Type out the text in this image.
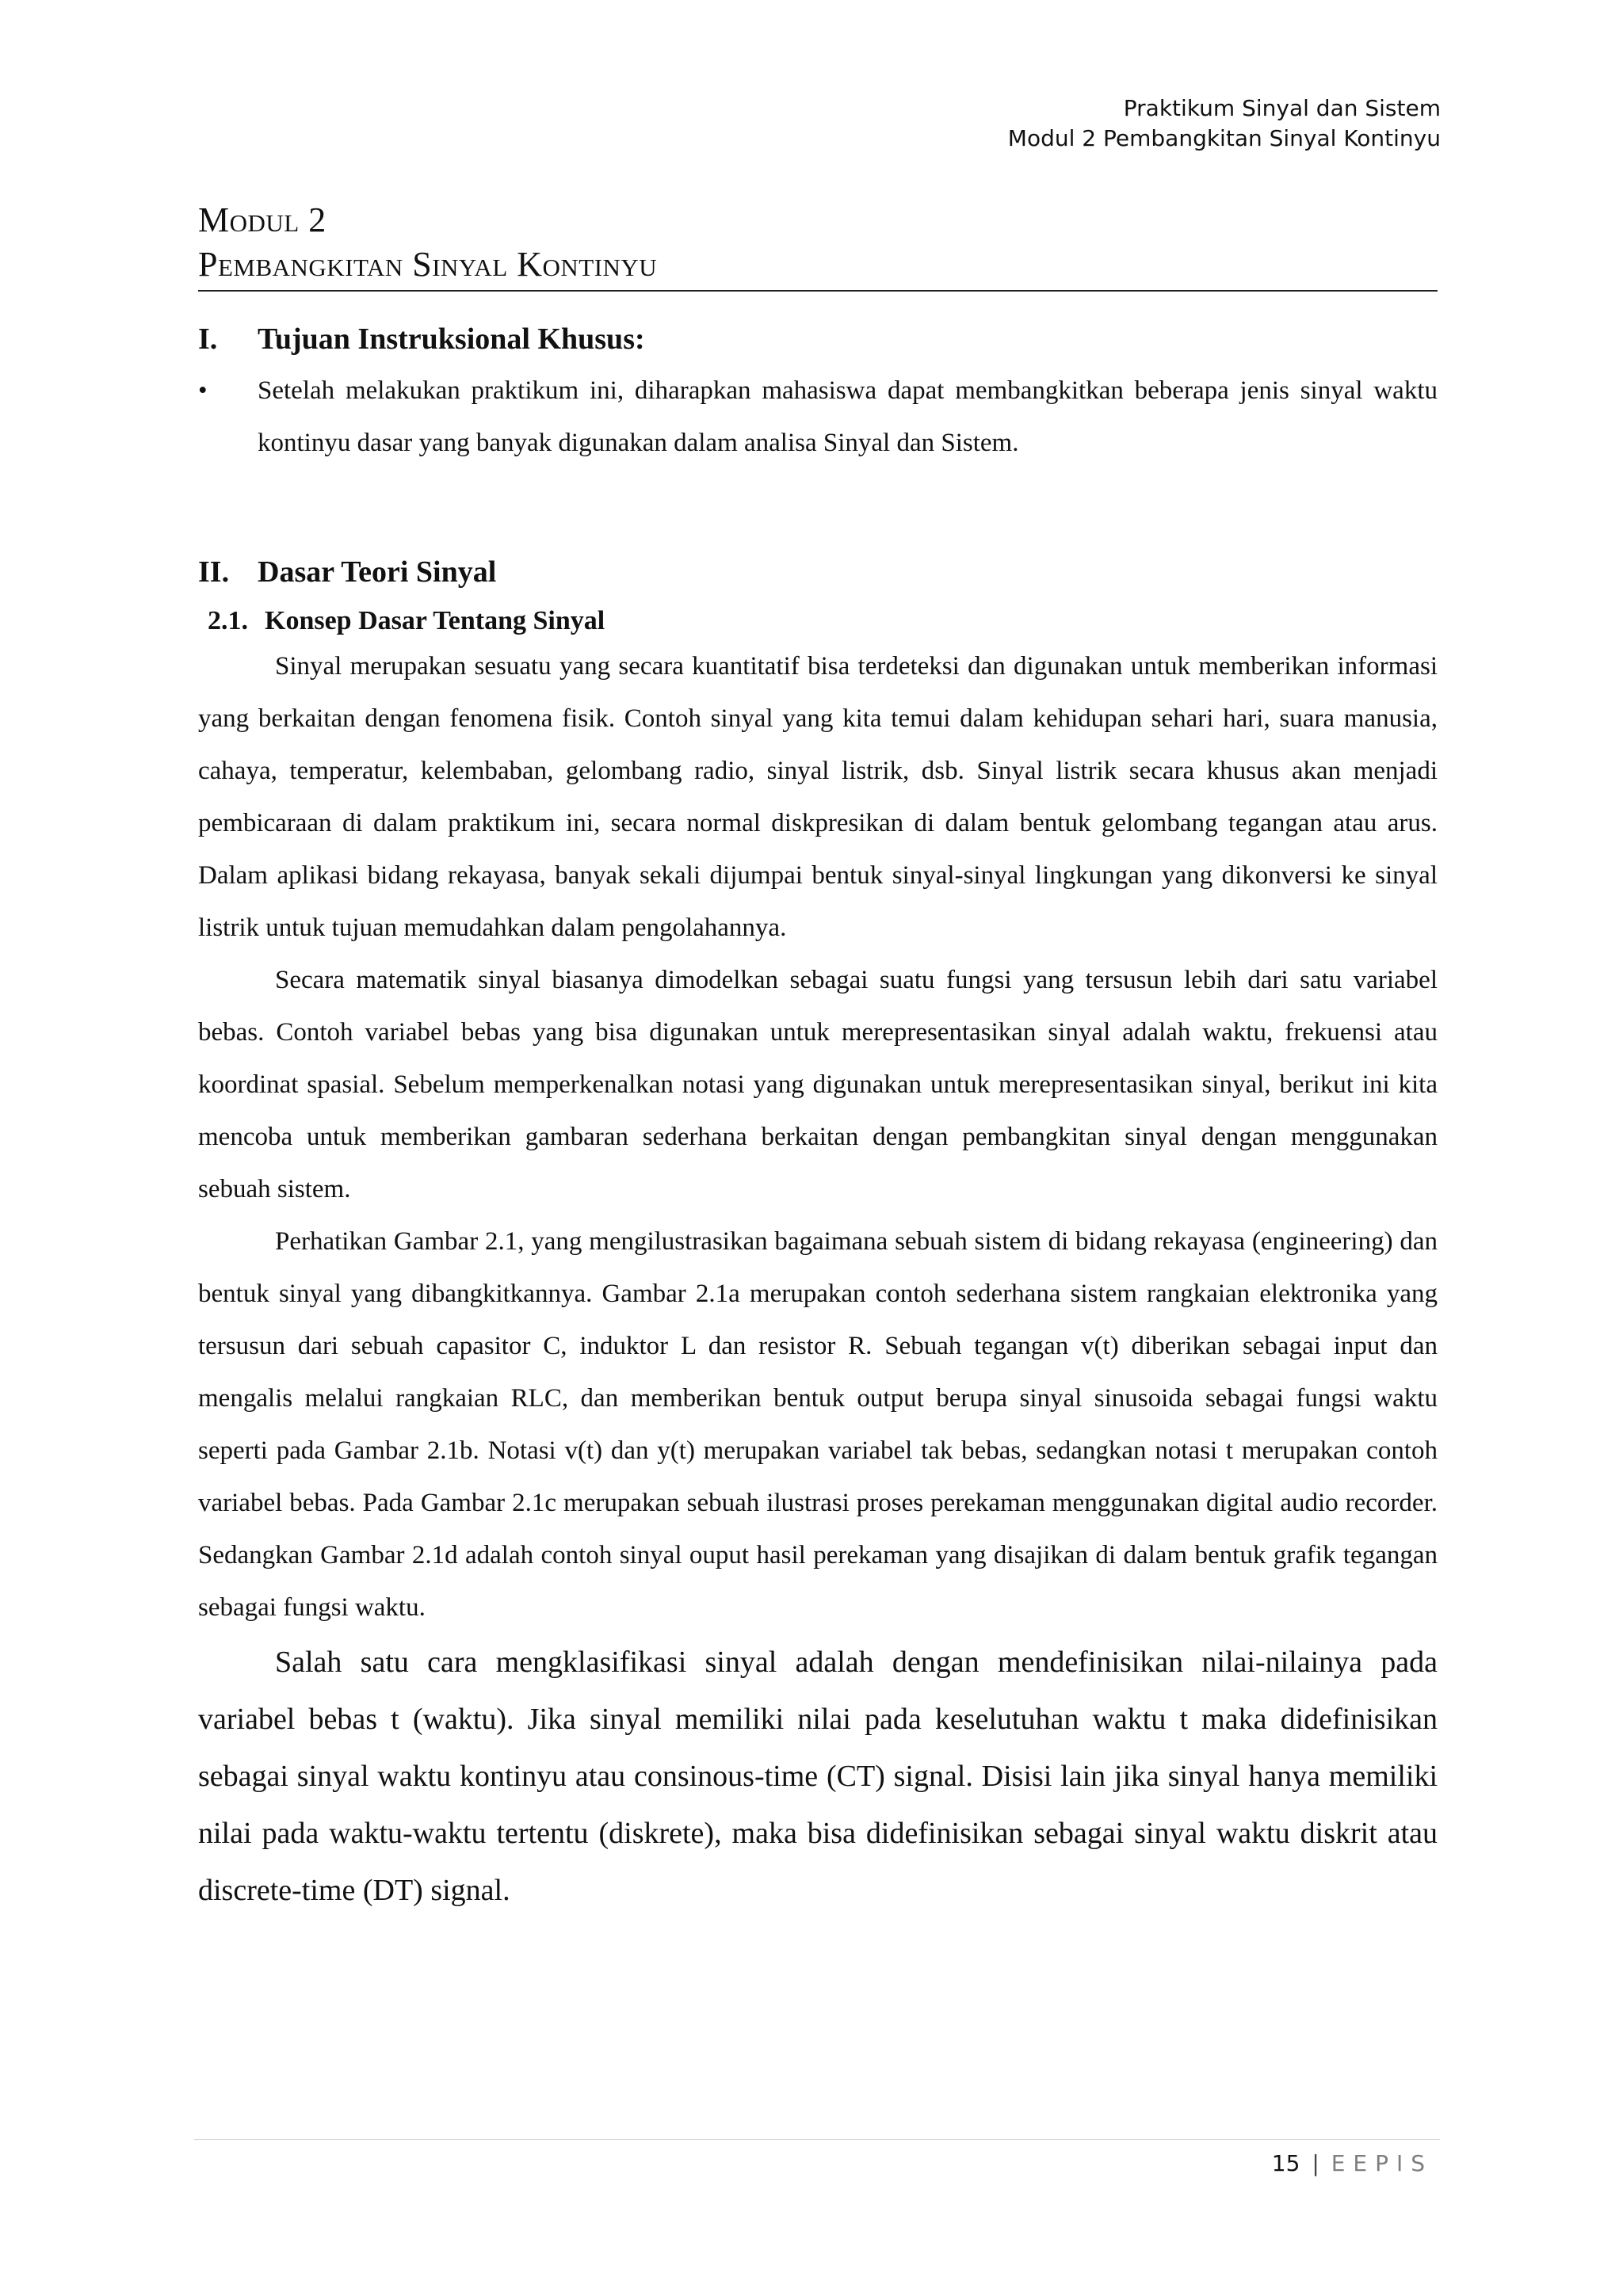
Praktikum Sinyal dan Sistem
Modul 2 Pembangkitan Sinyal Kontinyu
Modul 2
Pembangkitan Sinyal Kontinyu
I.	Tujuan Instruksional Khusus:
•	Setelah melakukan praktikum ini, diharapkan mahasiswa dapat membangkitkan beberapa jenis sinyal waktu kontinyu dasar yang banyak digunakan dalam analisa Sinyal dan Sistem.
II. Dasar Teori Sinyal
2.1. Konsep Dasar Tentang Sinyal

Sinyal merupakan sesuatu yang secara kuantitatif bisa terdeteksi dan digunakan untuk memberikan informasi yang berkaitan dengan fenomena fisik. Contoh sinyal yang kita temui dalam kehidupan sehari hari, suara manusia, cahaya, temperatur, kelembaban, gelombang radio, sinyal listrik, dsb. Sinyal listrik secara khusus akan menjadi pembicaraan di dalam praktikum ini, secara normal diskpresikan di dalam bentuk gelombang tegangan atau arus. Dalam aplikasi bidang rekayasa, banyak sekali dijumpai bentuk sinyal-sinyal lingkungan yang dikonversi ke sinyal listrik untuk tujuan memudahkan dalam pengolahannya.

Secara matematik sinyal biasanya dimodelkan sebagai suatu fungsi yang tersusun lebih dari satu variabel bebas. Contoh variabel bebas yang bisa digunakan untuk merepresentasikan sinyal adalah waktu, frekuensi atau koordinat spasial. Sebelum memperkenalkan notasi yang digunakan untuk merepresentasikan sinyal, berikut ini kita mencoba untuk memberikan gambaran sederhana berkaitan dengan pembangkitan sinyal dengan menggunakan sebuah sistem.

Perhatikan Gambar 2.1, yang mengilustrasikan bagaimana sebuah sistem di bidang rekayasa (engineering) dan bentuk sinyal yang dibangkitkannya. Gambar 2.1a merupakan contoh sederhana sistem rangkaian elektronika yang tersusun dari sebuah capasitor C, induktor L dan resistor R. Sebuah tegangan v(t) diberikan sebagai input dan mengalis melalui rangkaian RLC, dan memberikan bentuk output berupa sinyal sinusoida sebagai fungsi waktu seperti pada Gambar 2.1b. Notasi v(t) dan y(t) merupakan variabel tak bebas, sedangkan notasi t merupakan contoh variabel bebas. Pada Gambar 2.1c merupakan sebuah ilustrasi proses perekaman menggunakan digital audio recorder. Sedangkan Gambar 2.1d adalah contoh sinyal ouput hasil perekaman yang disajikan di dalam bentuk grafik tegangan sebagai fungsi waktu.

Salah satu cara mengklasifikasi sinyal adalah dengan mendefinisikan nilai-nilainya pada variabel bebas t (waktu). Jika sinyal memiliki nilai pada keselutuhan waktu t maka didefinisikan sebagai sinyal waktu kontinyu atau consinous-time (CT) signal. Disisi lain jika sinyal hanya memiliki nilai pada waktu-waktu tertentu (diskrete), maka bisa didefinisikan sebagai sinyal waktu diskrit atau discrete-time (DT) signal.

15 | EEPIS
